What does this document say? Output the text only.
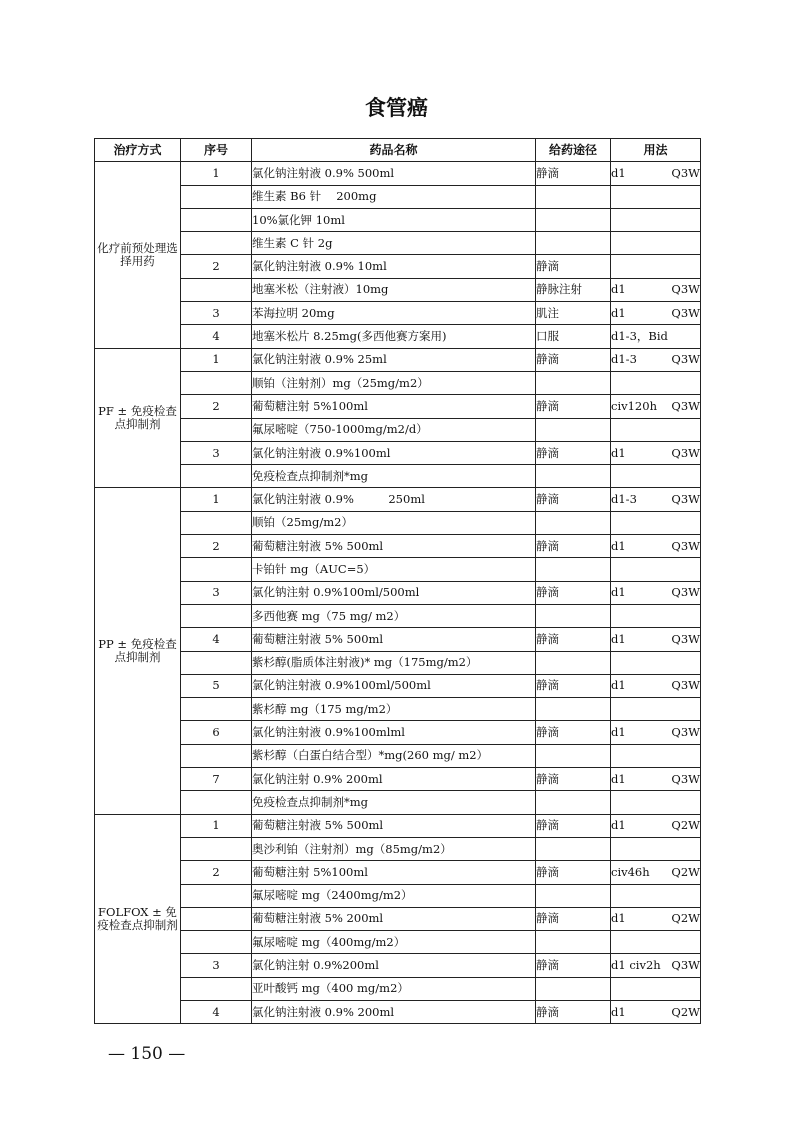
食管癌
治疗方式	序号	药品名称	给药途径	用法
化疗前预处理选择用药	1	氯化钠注射液 0.9% 500ml	静滴	d1 Q3W

		维生素 B6 针　 200mg		

		10%氯化钾 10ml		

		维生素 C 针 2g		

	2	氯化钠注射液 0.9% 10ml	静滴	

		地塞米松（注射液）10mg	静脉注射	d1 Q3W

	3	苯海拉明 20mg	肌注	d1 Q3W

	4	地塞米松片 8.25mg(多西他赛方案用)	口服	d1-3，Bid

PF ± 免疫检查点抑制剂	1	氯化钠注射液 0.9% 25ml	静滴	d1-3 Q3W

		顺铂（注射剂）mg（25mg/m2）		

	2	葡萄糖注射 5%100ml	静滴	civ120h Q3W

		氟尿嘧啶（750-1000mg/m2/d）		

	3	氯化钠注射液 0.9%100ml	静滴	d1 Q3W

		免疫检查点抑制剂*mg		

PP ± 免疫检查点抑制剂	1	氯化钠注射液 0.9%　　　250ml	静滴	d1-3 Q3W

		顺铂（25mg/m2）		

	2	葡萄糖注射液 5% 500ml	静滴	d1 Q3W

		卡铂针 mg（AUC=5）		

	3	氯化钠注射 0.9%100ml/500ml	静滴	d1 Q3W

		多西他赛 mg（75 mg/ m2）		

	4	葡萄糖注射液 5% 500ml	静滴	d1 Q3W

		紫杉醇(脂质体注射液)* mg（175mg/m2）		

	5	氯化钠注射液 0.9%100ml/500ml	静滴	d1 Q3W

		紫杉醇 mg（175 mg/m2）		

	6	氯化钠注射液 0.9%100mlml	静滴	d1 Q3W

		紫杉醇（白蛋白结合型）*mg(260 mg/ m2）		

	7	氯化钠注射 0.9% 200ml	静滴	d1 Q3W

		免疫检查点抑制剂*mg		

FOLFOX ± 免疫检查点抑制剂	1	葡萄糖注射液 5% 500ml	静滴	d1 Q2W

		奥沙利铂（注射剂）mg（85mg/m2）		

	2	葡萄糖注射 5%100ml	静滴	civ46h Q2W

		氟尿嘧啶 mg（2400mg/m2）		

		葡萄糖注射液 5% 200ml	静滴	d1 Q2W

		氟尿嘧啶 mg（400mg/m2）		

	3	氯化钠注射 0.9%200ml	静滴	d1 civ2h Q3W

		亚叶酸钙 mg（400 mg/m2）		

	4	氯化钠注射液 0.9% 200ml	静滴	d1 Q2W
— 150 —
